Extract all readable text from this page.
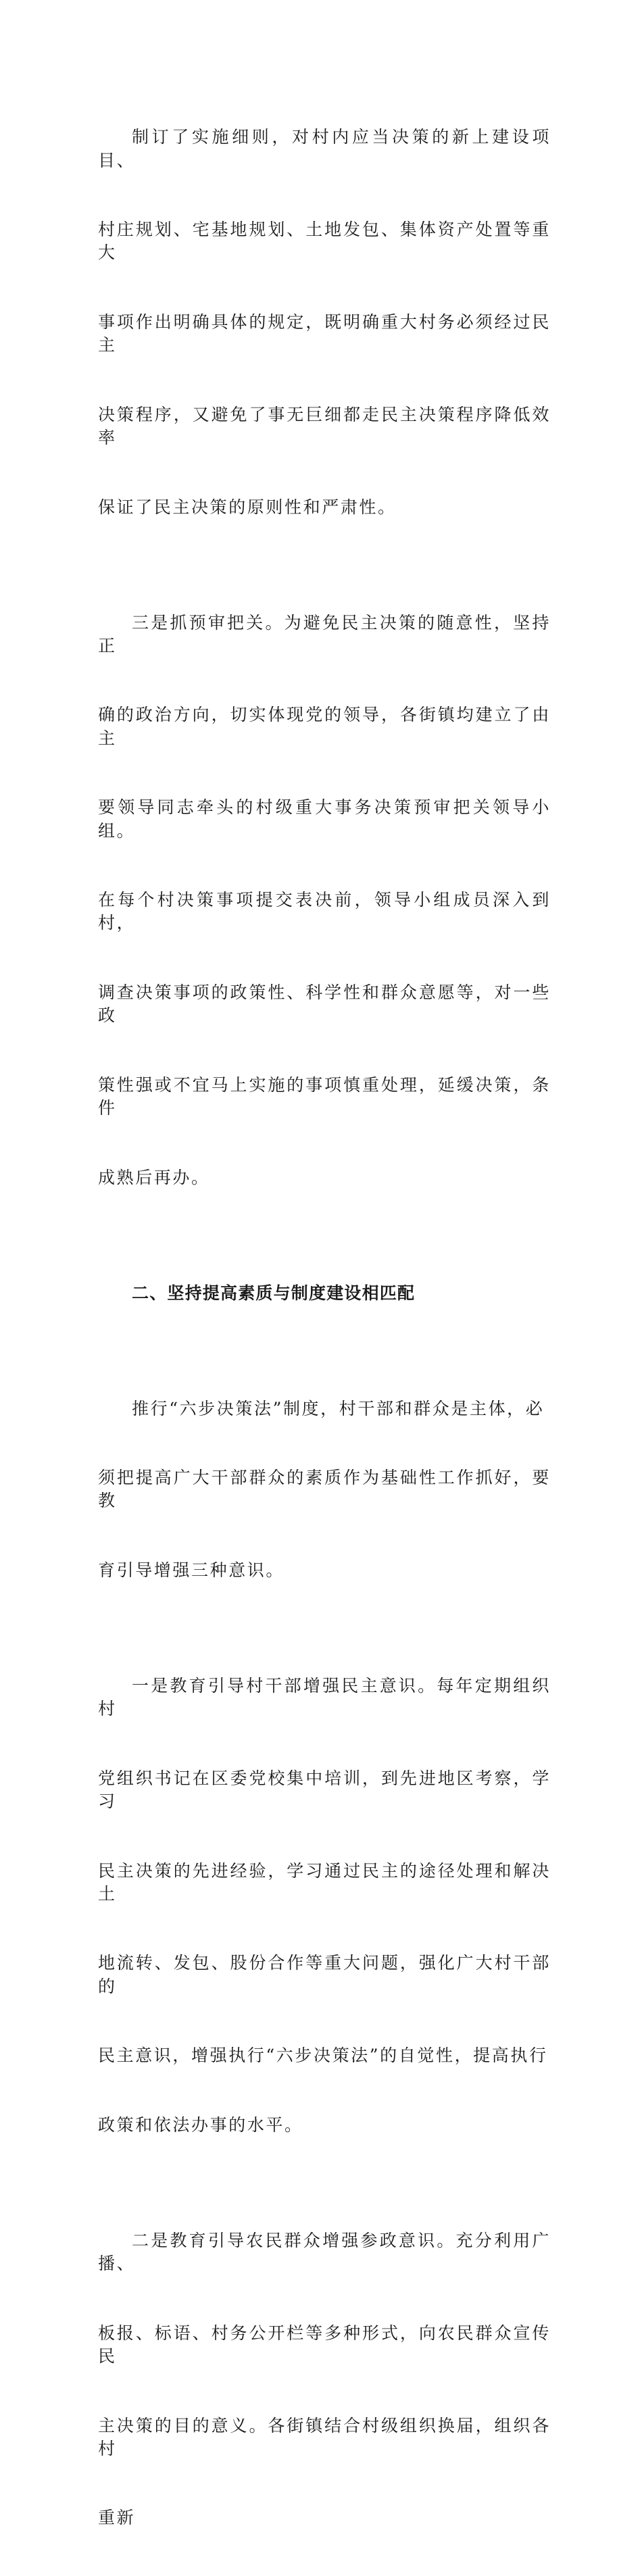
制订了实施细则，对村内应当决策的新上建设项目、

村庄规划、宅基地规划、土地发包、集体资产处置等重大

事项作出明确具体的规定，既明确重大村务必须经过民主

决策程序，又避免了事无巨细都走民主决策程序降低效率

保证了民主决策的原则性和严肃性。

三是抓预审把关。为避免民主决策的随意性，坚持正

确的政治方向，切实体现党的领导，各街镇均建立了由主

要领导同志牵头的村级重大事务决策预审把关领导小组。

在每个村决策事项提交表决前，领导小组成员深入到村，

调查决策事项的政策性、科学性和群众意愿等，对一些政

策性强或不宜马上实施的事项慎重处理，延缓决策，条件

成熟后再办。

二、坚持提高素质与制度建设相匹配

推行“六步决策法”制度，村干部和群众是主体，必

须把提高广大干部群众的素质作为基础性工作抓好，要教

育引导增强三种意识。

一是教育引导村干部增强民主意识。每年定期组织村

党组织书记在区委党校集中培训，到先进地区考察，学习

民主决策的先进经验，学习通过民主的途径处理和解决土

地流转、发包、股份合作等重大问题，强化广大村干部的

民主意识，增强执行“六步决策法”的自觉性，提高执行

政策和依法办事的水平。

二是教育引导农民群众增强参政意识。充分利用广播、

板报、标语、村务公开栏等多种形式，向农民群众宣传民

主决策的目的意义。各街镇结合村级组织换届，组织各村

重新
